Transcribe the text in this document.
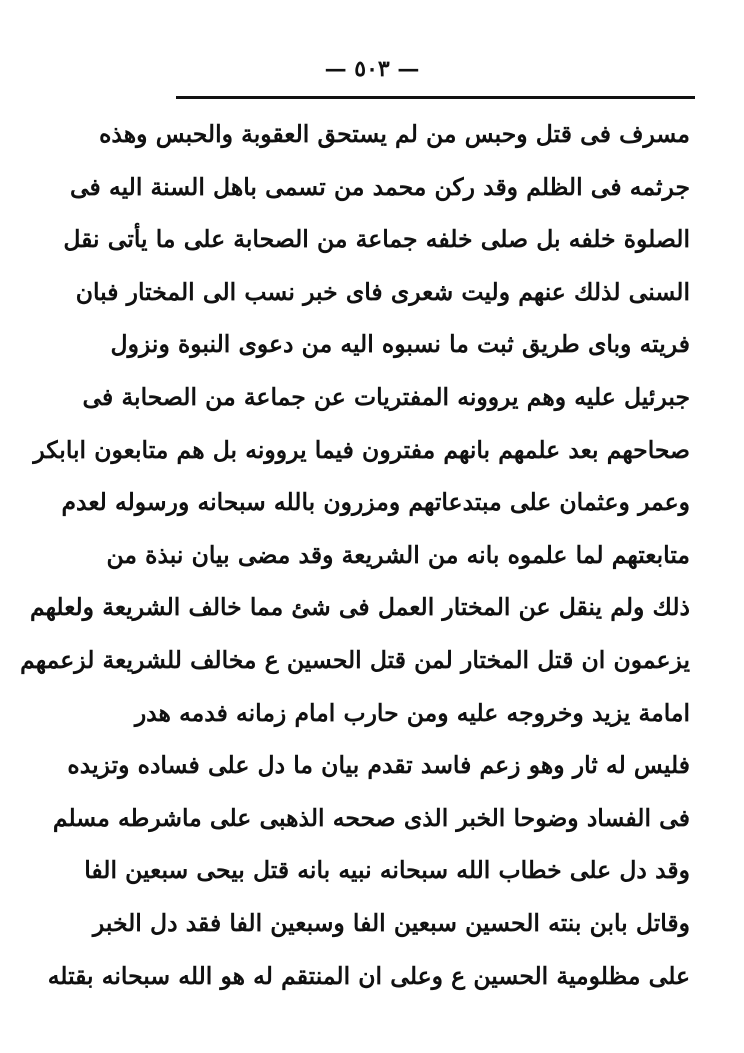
— ٥٠٣ —
مسرف فى قتل وحبس من لم يستحق العقوبة والحبس وهذه
جرثمه فى الظلم وقد ركن محمد من تسمى باهل السنة اليه فى
الصلوة خلفه بل صلى خلفه جماعة من الصحابة على ما يأتى نقل
السنى لذلك عنهم وليت شعرى فاى خبر نسب الى المختار فبان
فريته وباى طريق ثبت ما نسبوه اليه من دعوى النبوة ونزول
جبرئيل عليه وهم يروونه المفتريات عن جماعة من الصحابة فى
صحاحهم بعد علمهم بانهم مفترون فيما يروونه بل هم متابعون ابابكر
وعمر وعثمان على مبتدعاتهم ومزرون بالله سبحانه ورسوله لعدم
متابعتهم لما علموه بانه من الشريعة وقد مضى بيان نبذة من
ذلك ولم ينقل عن المختار العمل فى شئ مما خالف الشريعة ولعلهم
يزعمون ان قتل المختار لمن قتل الحسين ع مخالف للشريعة لزعمهم
امامة يزيد وخروجه عليه ومن حارب امام زمانه فدمه هدر
فليس له ثار وهو زعم فاسد تقدم بيان ما دل على فساده وتزيده
فى الفساد وضوحا الخبر الذى صححه الذهبى على ماشرطه مسلم
وقد دل على خطاب الله سبحانه نبيه بانه قتل بيحى سبعين الفا
وقاتل بابن بنته الحسين سبعين الفا وسبعين الفا فقد دل الخبر
على مظلومية الحسين ع وعلى ان المنتقم له هو الله سبحانه بقتله
